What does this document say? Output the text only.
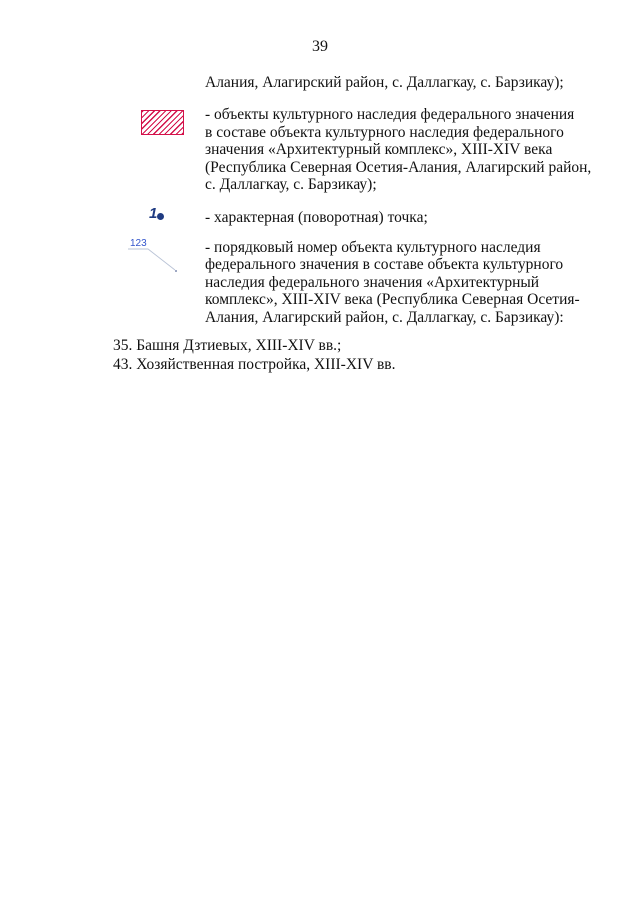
39
Алания, Алагирский район, с. Даллагкау, с. Барзикау);
- объекты культурного наследия федерального значения
в составе объекта культурного наследия федерального
значения «Архитектурный комплекс», XIII-XIV века
(Республика Северная Осетия-Алания, Алагирский район,
с. Даллагкау, с. Барзикау);
1	- характерная (поворотная) точка;
123	- порядковый номер объекта культурного наследия
федерального значения в составе объекта культурного
наследия федерального значения «Архитектурный
комплекс», XIII-XIV века (Республика Северная Осетия-
Алания, Алагирский район, с. Даллагкау, с. Барзикау):
35. Башня Дзтиевых, XIII-XIV вв.;
43. Хозяйственная постройка, XIII-XIV вв.
